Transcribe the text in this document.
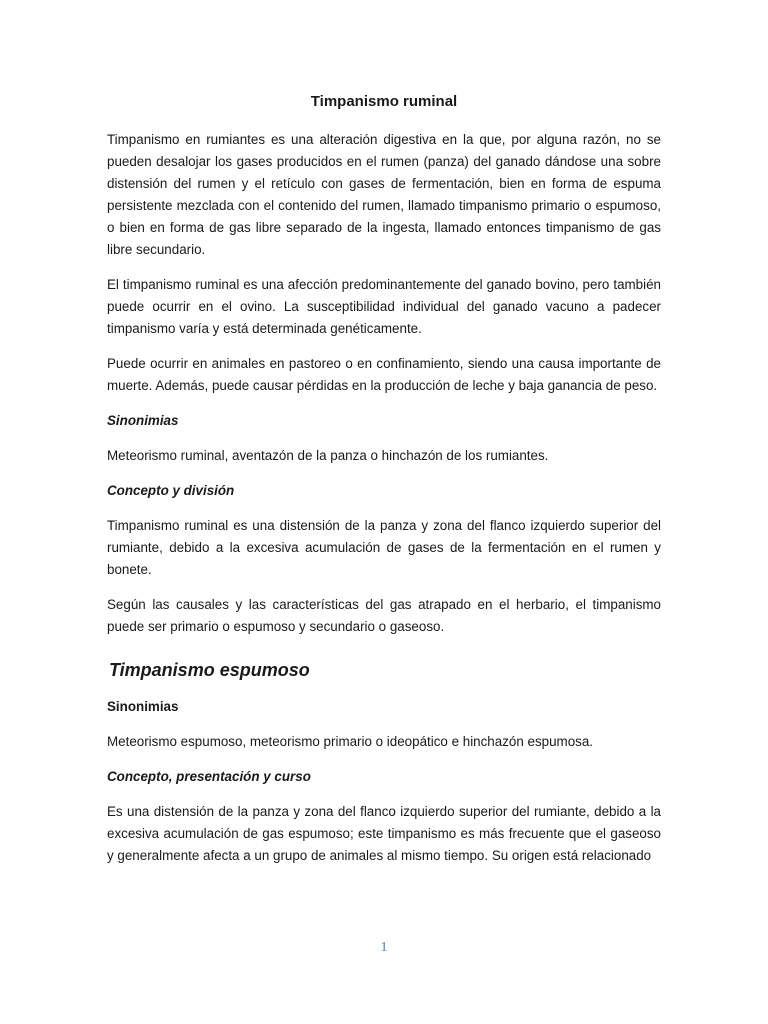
Timpanismo ruminal

Timpanismo en rumiantes es una alteración digestiva en la que, por alguna razón, no se pueden desalojar los gases producidos en el rumen (panza) del ganado dándose una sobre distensión del rumen y el retículo con gases de fermentación, bien en forma de espuma persistente mezclada con el contenido del rumen, llamado timpanismo primario o espumoso, o bien en forma de gas libre separado de la ingesta, llamado entonces timpanismo de gas libre secundario.

El timpanismo ruminal es una afección predominantemente del ganado bovino, pero también puede ocurrir en el ovino. La susceptibilidad individual del ganado vacuno a padecer timpanismo varía y está determinada genéticamente.

Puede ocurrir en animales en pastoreo o en confinamiento, siendo una causa importante de muerte. Además, puede causar pérdidas en la producción de leche y baja ganancia de peso.

Sinonimias

Meteorismo ruminal, aventazón de la panza o hinchazón de los rumiantes.

Concepto y división

Timpanismo ruminal es una distensión de la panza y zona del flanco izquierdo superior del rumiante, debido a la excesiva acumulación de gases de la fermentación en el rumen y bonete.

Según las causales y las características del gas atrapado en el herbario, el timpanismo puede ser primario o espumoso y secundario o gaseoso.

Timpanismo espumoso
Sinonimias

Meteorismo espumoso, meteorismo primario o ideopático e hinchazón espumosa.

Concepto, presentación y curso

Es una distensión de la panza y zona del flanco izquierdo superior del rumiante, debido a la excesiva acumulación de gas espumoso; este timpanismo es más frecuente que el gaseoso y generalmente afecta a un grupo de animales al mismo tiempo. Su origen está relacionado

1
